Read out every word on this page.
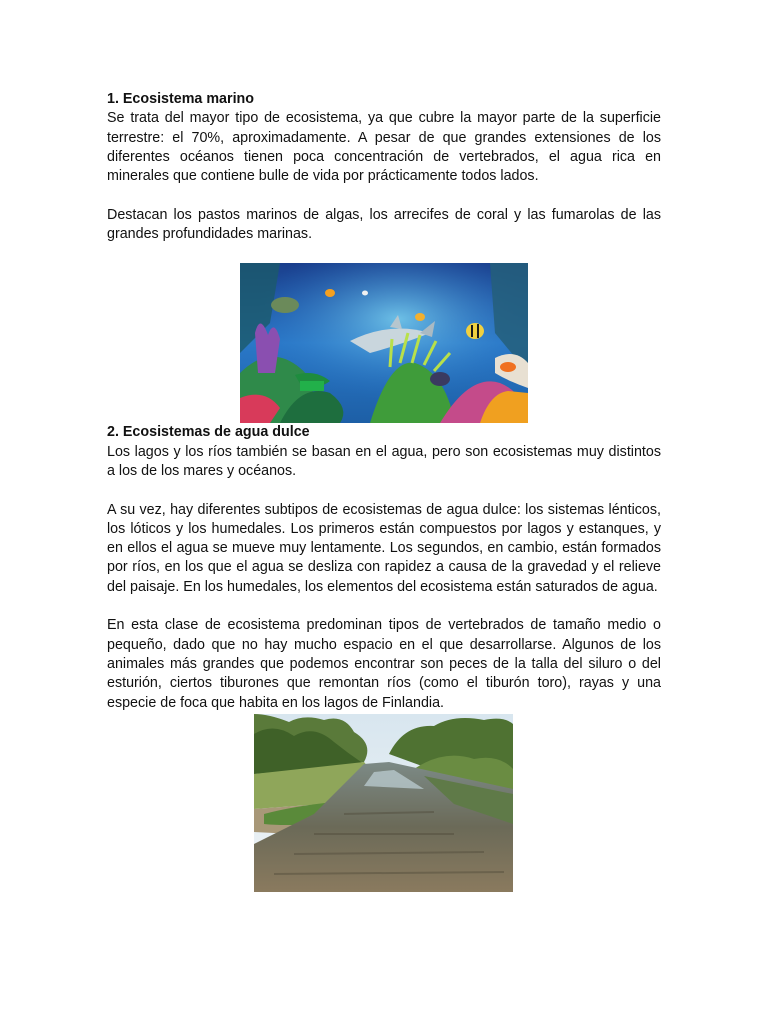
1. Ecosistema marino

Se trata del mayor tipo de ecosistema, ya que cubre la mayor parte de la superficie terrestre: el 70%, aproximadamente. A pesar de que grandes extensiones de los diferentes océanos tienen poca concentración de vertebrados, el agua rica en minerales que contiene bulle de vida por prácticamente todos lados.

Destacan los pastos marinos de algas, los arrecifes de coral y las fumarolas de las grandes profundidades marinas.

2. Ecosistemas de agua dulce

Los lagos y los ríos también se basan en el agua, pero son ecosistemas muy distintos a los de los mares y océanos.

A su vez, hay diferentes subtipos de ecosistemas de agua dulce: los sistemas lénticos, los lóticos y los humedales. Los primeros están compuestos por lagos y estanques, y en ellos el agua se mueve muy lentamente. Los segundos, en cambio, están formados por ríos, en los que el agua se desliza con rapidez a causa de la gravedad y el relieve del paisaje. En los humedales, los elementos del ecosistema están saturados de agua.

En esta clase de ecosistema predominan tipos de vertebrados de tamaño medio o pequeño, dado que no hay mucho espacio en el que desarrollarse. Algunos de los animales más grandes que podemos encontrar son peces de la talla del siluro o del esturión, ciertos tiburones que remontan ríos (como el tiburón toro), rayas y una especie de foca que habita en los lagos de Finlandia.
